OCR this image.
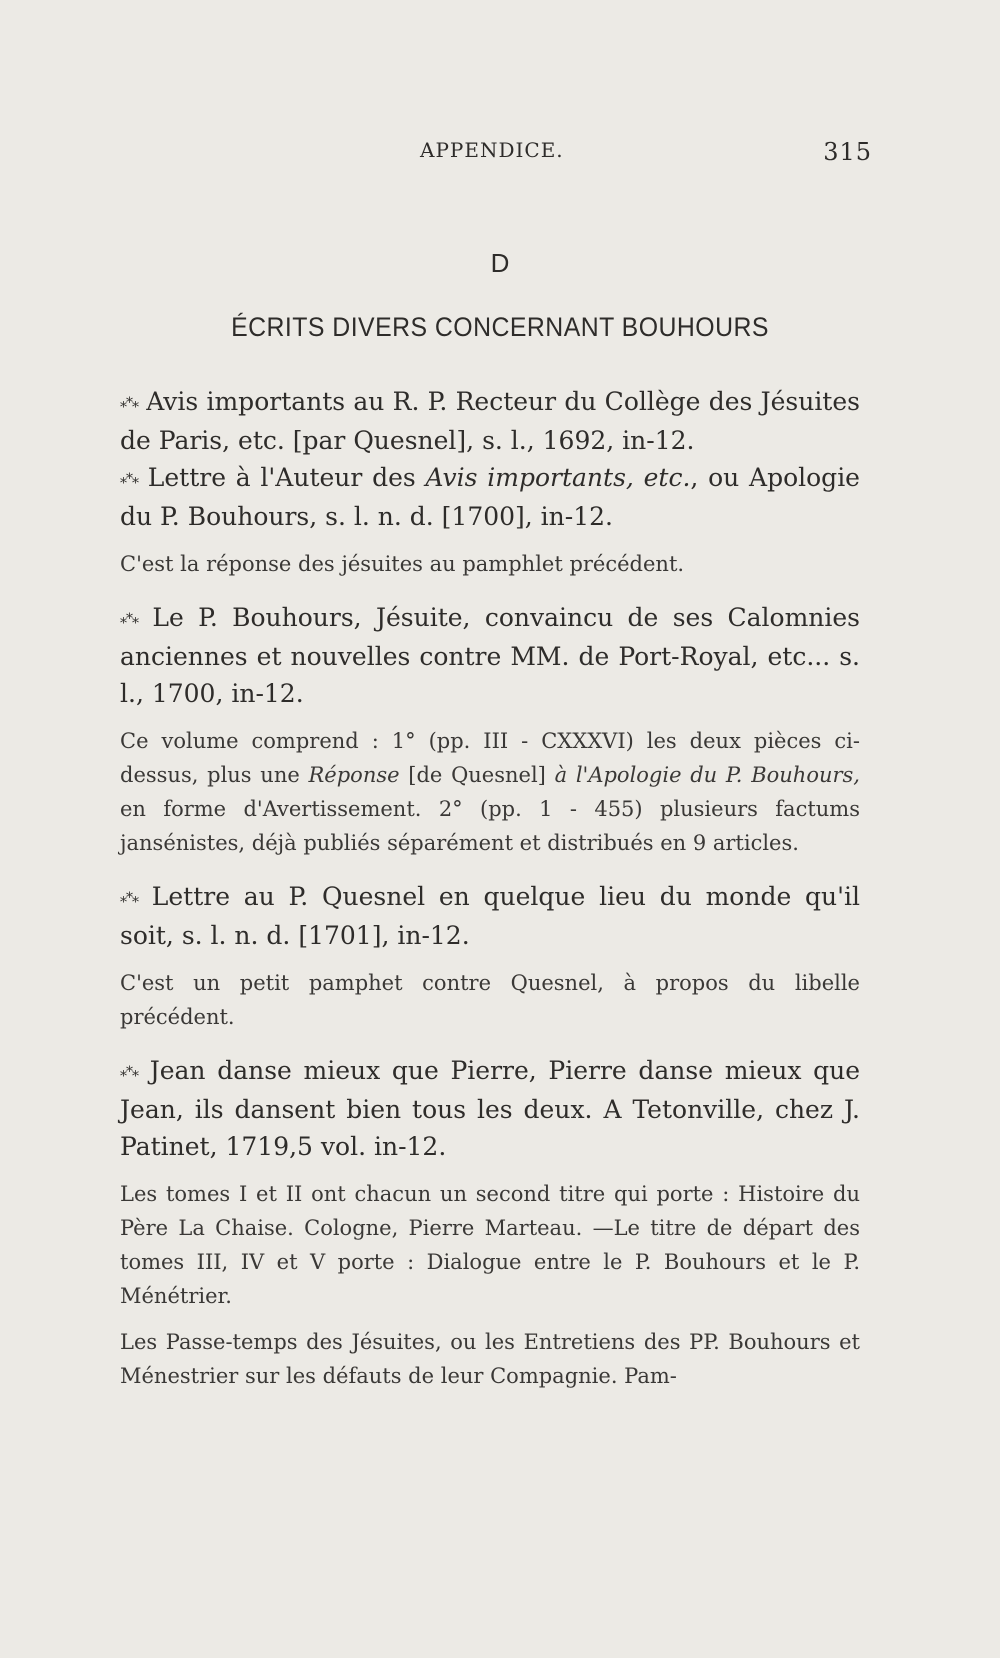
APPENDICE.	315
D
ÉCRITS DIVERS CONCERNANT BOUHOURS

⁎*⁎ Avis importants au R. P. Recteur du Collège des Jésuites de Paris, etc. [par Quesnel], s. l., 1692, in-12.

⁎*⁎ Lettre à l'Auteur des Avis importants, etc., ou Apologie du P. Bouhours, s. l. n. d. [1700], in-12.

C'est la réponse des jésuites au pamphlet précédent.

⁎*⁎ Le P. Bouhours, Jésuite, convaincu de ses Calomnies anciennes et nouvelles contre MM. de Port-Royal, etc... s. l., 1700, in-12.

Ce volume comprend : 1° (pp. III - CXXXVI) les deux pièces ci-dessus, plus une Réponse [de Quesnel] à l'Apologie du P. Bouhours, en forme d'Avertissement. 2° (pp. 1 - 455) plusieurs factums jansénistes, déjà publiés séparément et distribués en 9 articles.

⁎*⁎ Lettre au P. Quesnel en quelque lieu du monde qu'il soit, s. l. n. d. [1701], in-12.

C'est un petit pamphet contre Quesnel, à propos du libelle précédent.

⁎*⁎ Jean danse mieux que Pierre, Pierre danse mieux que Jean, ils dansent bien tous les deux. A Tetonville, chez J. Patinet, 1719,5 vol. in-12.

Les tomes I et II ont chacun un second titre qui porte : Histoire du Père La Chaise. Cologne, Pierre Marteau. —Le titre de départ des tomes III, IV et V porte : Dialogue entre le P. Bouhours et le P. Ménétrier.

Les Passe-temps des Jésuites, ou les Entretiens des PP. Bouhours et Ménestrier sur les défauts de leur Compagnie. Pam-
